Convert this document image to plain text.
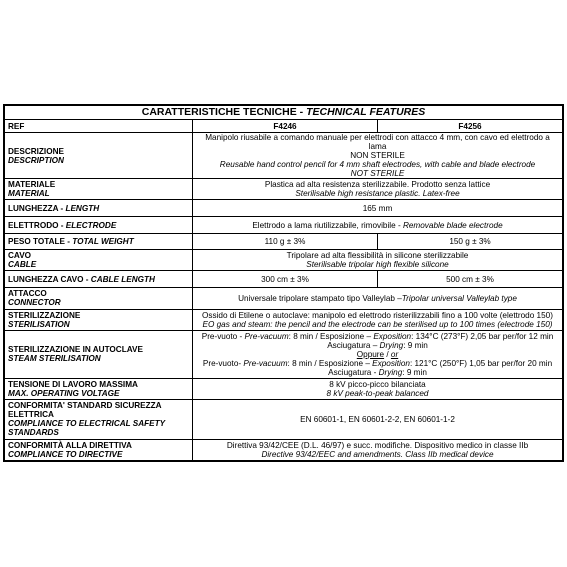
CARATTERISTICHE TECNICHE - TECHNICAL FEATURES		
REF	F4246	F4256

DESCRIZIONE
DESCRIPTION	Manipolo riusabile a comando manuale per elettrodi con attacco 4 mm, con cavo ed elettrodo a lama
NON STERILE
Reusable hand control pencil for 4 mm shaft electrodes, with cable and blade electrode
NOT STERILE	

MATERIALE
MATERIAL	Plastica ad alta resistenza sterilizzabile. Prodotto senza lattice
Sterilisable high resistance plastic. Latex-free	

LUNGHEZZA - LENGTH	165 mm	
ELETTRODO - ELECTRODE	Elettrodo a lama riutilizzabile, rimovibile - Removable blade electrode	
PESO TOTALE - TOTAL WEIGHT	110 g ± 3%	150 g ± 3%

CAVO
CABLE	Tripolare ad alta flessibilità in silicone sterilizzabile
Sterilisable tripolar high flexible silicone	

LUNGHEZZA CAVO - CABLE LENGTH	300 cm ± 3%	500 cm ± 3%

ATTACCO
CONNECTOR	Universale tripolare stampato tipo Valleylab –Tripolar universal Valleylab type	

STERILIZZAZIONE
STERILISATION	Ossido di Etilene o autoclave: manipolo ed elettrodo risterilizzabili fino a 100 volte (elettrodo 150)
EO gas and steam: the pencil and the electrode can be sterilised up to 100 times (electrode 150)	

STERILIZZAZIONE IN AUTOCLAVE
STEAM STERILISATION	Pre-vuoto - Pre-vacuum: 8 min / Esposizione – Exposition: 134°C (273°F) 2,05 bar per/for 12 min
Asciugatura – Drying: 9 min
Oppure / or
Pre-vuoto- Pre-vacuum: 8 min / Esposizione – Exposition: 121°C (250°F) 1,05 bar per/for 20 min
Asciugatura - Drying: 9 min	

TENSIONE DI LAVORO MASSIMA
MAX. OPERATING VOLTAGE	8 kV picco-picco bilanciata
8 kV peak-to-peak balanced	

CONFORMITA' STANDARD SICUREZZA
ELETTRICA
COMPLIANCE TO ELECTRICAL SAFETY
STANDARDS	EN 60601-1, EN 60601-2-2, EN 60601-1-2	

CONFORMITÀ ALLA DIRETTIVA
COMPLIANCE TO DIRECTIVE	Direttiva 93/42/CEE (D.L. 46/97) e succ. modifiche. Dispositivo medico in classe IIb
Directive 93/42/EEC and amendments. Class IIb medical device	
